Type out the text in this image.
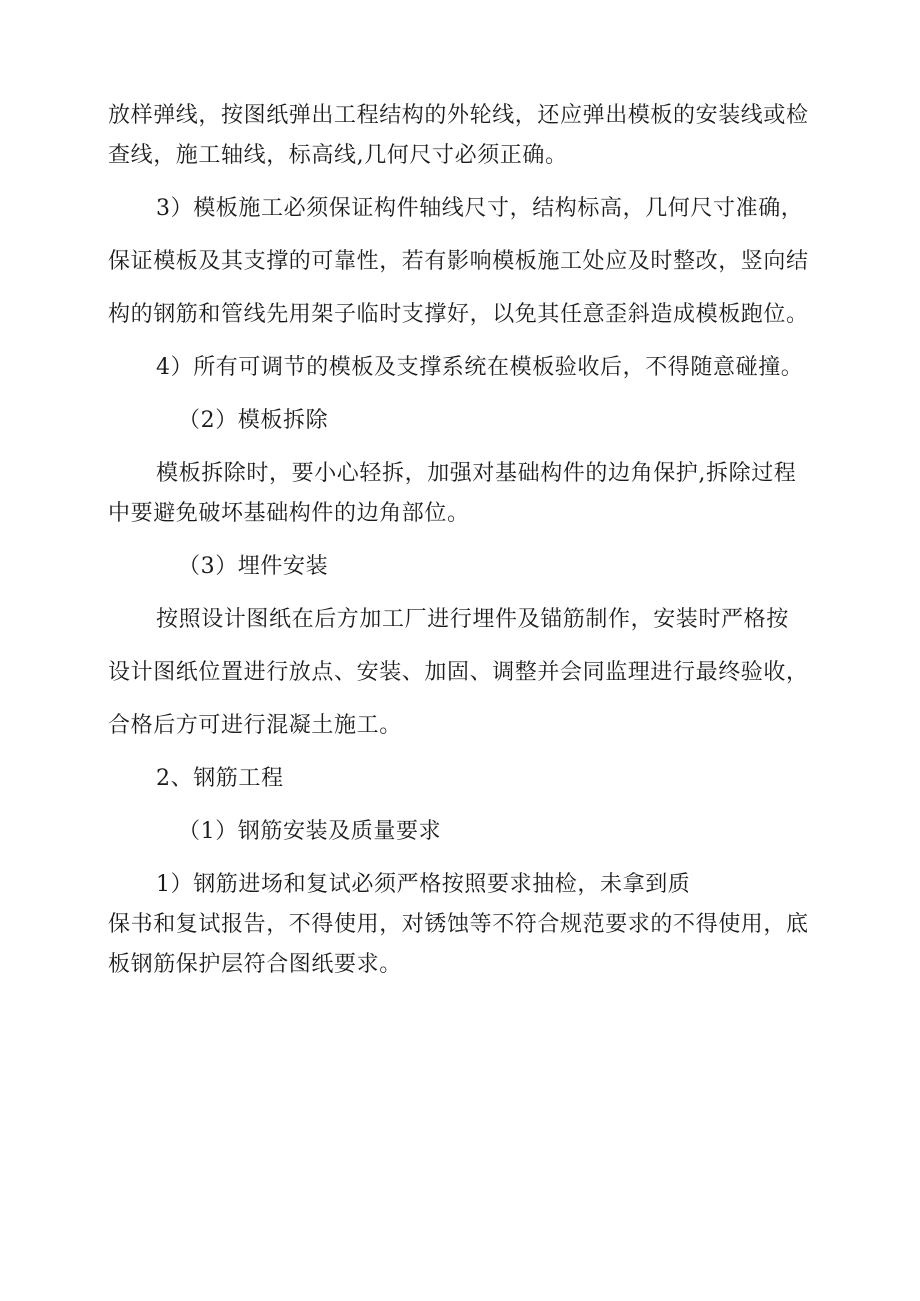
放样弹线，按图纸弹出工程结构的外轮线，还应弹出模板的安装线或检
查线，施工轴线，标高线,几何尺寸必须正确。
3）模板施工必须保证构件轴线尺寸，结构标高，几何尺寸准确，
保证模板及其支撑的可靠性，若有影响模板施工处应及时整改，竖向结
构的钢筋和管线先用架子临时支撑好，以免其任意歪斜造成模板跑位。
4）所有可调节的模板及支撑系统在模板验收后，不得随意碰撞。
（2）模板拆除
模板拆除时，要小心轻拆，加强对基础构件的边角保护,拆除过程
中要避免破坏基础构件的边角部位。
（3）埋件安装
按照设计图纸在后方加工厂进行埋件及锚筋制作，安装时严格按
设计图纸位置进行放点、安装、加固、调整并会同监理进行最终验收，
合格后方可进行混凝土施工。
2、钢筋工程
（1）钢筋安装及质量要求
1）钢筋进场和复试必须严格按照要求抽检，未拿到质
保书和复试报告，不得使用，对锈蚀等不符合规范要求的不得使用，底
板钢筋保护层符合图纸要求。
